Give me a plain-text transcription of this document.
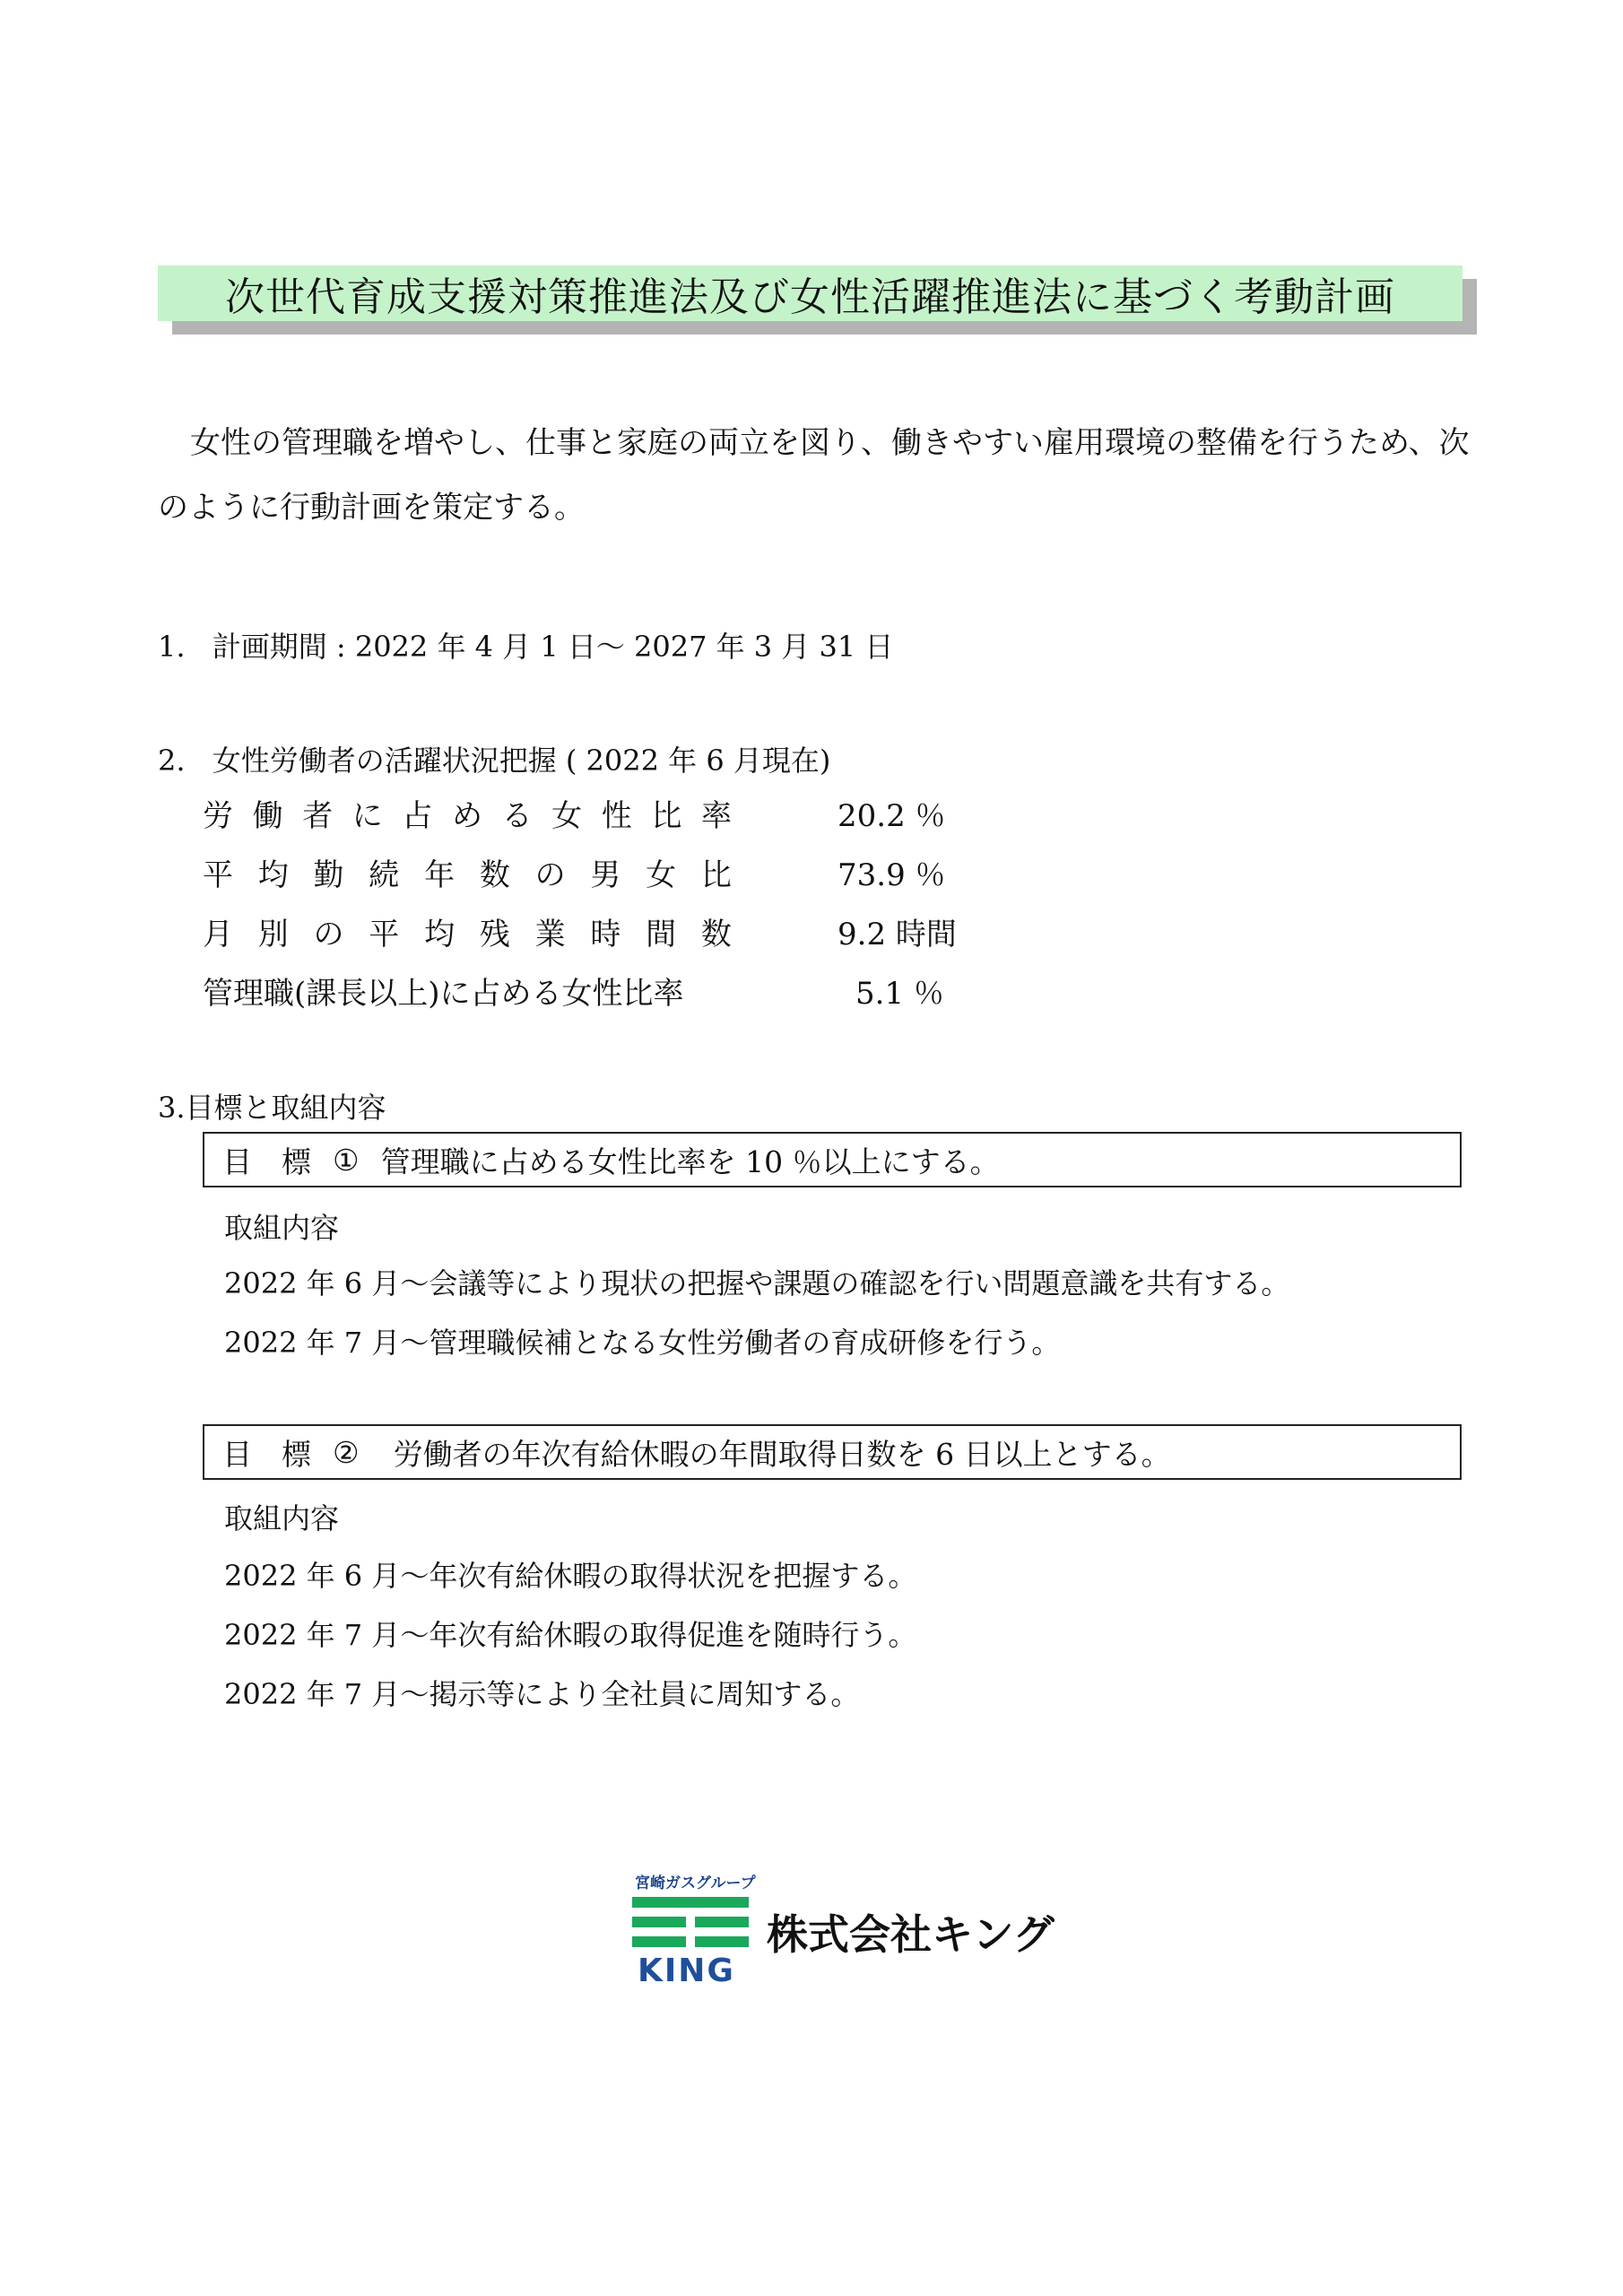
次世代育成支援対策推進法及び女性活躍推進法に基づく考動計画
女性の管理職を増やし、仕事と家庭の両立を図り、働きやすい雇用環境の整備を行うため、次のように行動計画を策定する。
1. 計画期間 : 2022 年 4 月 1 日～ 2027 年 3 月 31 日
2. 女性労働者の活躍状況把握 ( 2022 年 6 月現在)
労 働 者 に 占 め る 女 性 比 率	20.2 ％
平 均 勤 続 年 数 の 男 女 比	73.9 ％
月 別 の 平 均 残 業 時 間 数	9.2 時間
管理職(課長以上)に占める女性比率	5.1 ％
3.目標と取組内容
目　標 ① 管理職に占める女性比率を 10 ％以上にする。
取組内容
2022 年 6 月～会議等により現状の把握や課題の確認を行い問題意識を共有する。
2022 年 7 月～管理職候補となる女性労働者の育成研修を行う。
目　標 ② 労働者の年次有給休暇の年間取得日数を 6 日以上とする。
取組内容
2022 年 6 月～年次有給休暇の取得状況を把握する。
2022 年 7 月～年次有給休暇の取得促進を随時行う。
2022 年 7 月～掲示等により全社員に周知する。
宮崎ガスグループ
KING
株式会社キング
